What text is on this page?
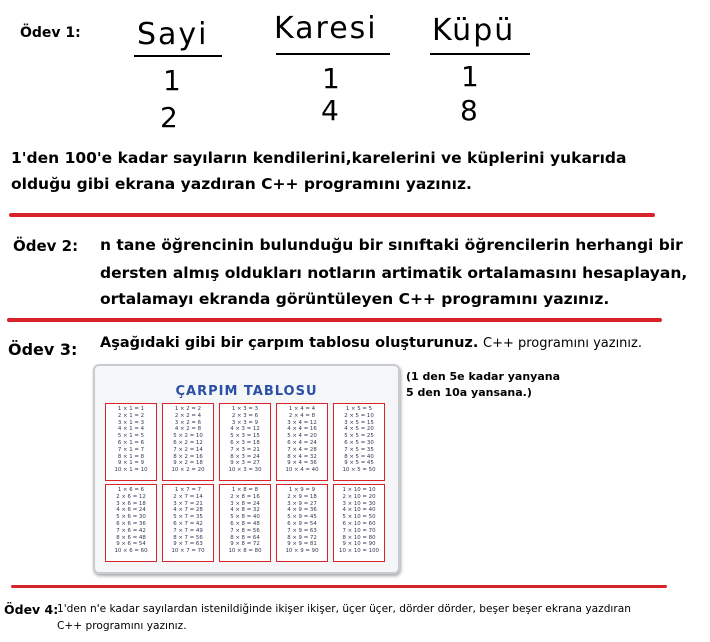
Ödev 1: Sayi Karesi Küpü
1	1	1
2	4	8
1'den 100'e kadar sayıların kendilerini,karelerini ve küplerini yukarıda
olduğu gibi ekrana yazdıran C++ programını yazınız.
Ödev 2: n tane öğrencinin bulunduğu bir sınıftaki öğrencilerin herhangi bir
dersten almış oldukları notların artimatik ortalamasını hesaplayan,
ortalamayı ekranda görüntüleyen C++ programını yazınız.
Ödev 3: Aşağıdaki gibi bir çarpım tablosu oluşturunuz. C++ programını yazınız.
(1 den 5e kadar yanyana
5 den 10a yansana.)
ÇARPIM TABLOSU
1 × 1 = 1
2 × 1 = 2
3 × 1 = 3
4 × 1 = 4
5 × 1 = 5
6 × 1 = 6
7 × 1 = 7
8 × 1 = 8
9 × 1 = 9
10 × 1 = 10
1 × 2 = 2
2 × 2 = 4
3 × 2 = 6
4 × 2 = 8
5 × 2 = 10
6 × 2 = 12
7 × 2 = 14
8 × 2 = 16
9 × 2 = 18
10 × 2 = 20
1 × 3 = 3
2 × 3 = 6
3 × 3 = 9
4 × 3 = 12
5 × 3 = 15
6 × 3 = 18
7 × 3 = 21
8 × 3 = 24
9 × 3 = 27
10 × 3 = 30
1 × 4 = 4
2 × 4 = 8
3 × 4 = 12
4 × 4 = 16
5 × 4 = 20
6 × 4 = 24
7 × 4 = 28
8 × 4 = 32
9 × 4 = 36
10 × 4 = 40
1 × 5 = 5
2 × 5 = 10
3 × 5 = 15
4 × 5 = 20
5 × 5 = 25
6 × 5 = 30
7 × 5 = 35
8 × 5 = 40
9 × 5 = 45
10 × 5 = 50
1 × 6 = 6
2 × 6 = 12
3 × 6 = 18
4 × 6 = 24
5 × 6 = 30
6 × 6 = 36
7 × 6 = 42
8 × 6 = 48
9 × 6 = 54
10 × 6 = 60
1 × 7 = 7
2 × 7 = 14
3 × 7 = 21
4 × 7 = 28
5 × 7 = 35
6 × 7 = 42
7 × 7 = 49
8 × 7 = 56
9 × 7 = 63
10 × 7 = 70
1 × 8 = 8
2 × 8 = 16
3 × 8 = 24
4 × 8 = 32
5 × 8 = 40
6 × 8 = 48
7 × 8 = 56
8 × 8 = 64
9 × 8 = 72
10 × 8 = 80
1 × 9 = 9
2 × 9 = 18
3 × 9 = 27
4 × 9 = 36
5 × 9 = 45
6 × 9 = 54
7 × 9 = 63
8 × 9 = 72
9 × 9 = 81
10 × 9 = 90
1 × 10 = 10
2 × 10 = 20
3 × 10 = 30
4 × 10 = 40
5 × 10 = 50
6 × 10 = 60
7 × 10 = 70
8 × 10 = 80
9 × 10 = 90
10 × 10 = 100
Ödev 4:
1'den n'e kadar sayılardan istenildiğinde ikişer ikişer, üçer üçer, dörder dörder, beşer beşer ekrana yazdıran
C++ programını yazınız.
